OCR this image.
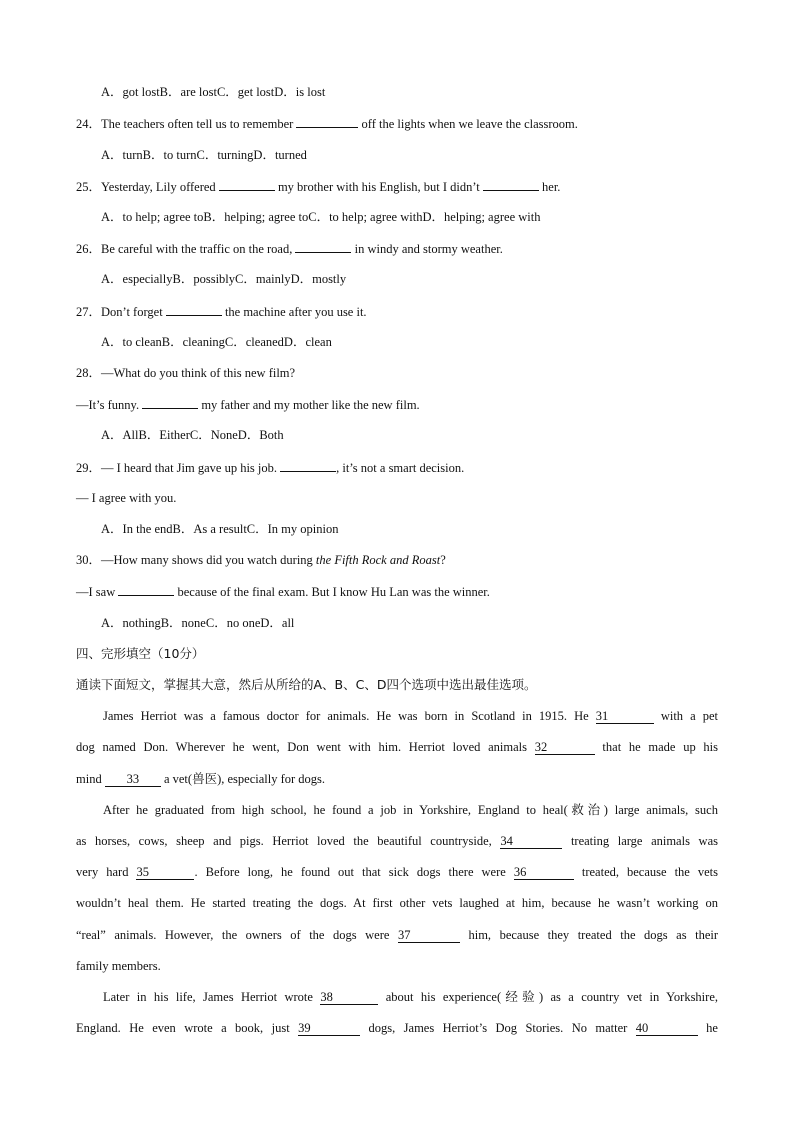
A．got lostB．are lostC．get lostD．is lost
24．The teachers often tell us to remember	off the lights when we leave the classroom.
A．turnB．to turnC．turningD．turned
25．Yesterday, Lily offered	my brother with his English, but I didn’t	her.
A．to help; agree toB．helping; agree toC．to help; agree withD．helping; agree with
26．Be careful with the traffic on the road,	in windy and stormy weather.
A．especiallyB．possiblyC．mainlyD．mostly
27．Don’t forget	the machine after you use it.
A．to cleanB．cleaningC．cleanedD．clean
28．—What do you think of this new film?
—It’s funny.	my father and my mother like the new film.
A．AllB．EitherC．NoneD．Both
29．— I heard that Jim gave up his job.	, it’s not a smart decision.
— I agree with you.
A．In the endB．As a resultC．In my opinion
30．—How many shows did you watch during the Fifth Rock and Roast?
—I saw	because of the final exam. But I know Hu Lan was the winner.
A．nothingB．noneC．no oneD．all
四、完形填空（10分）
通读下面短文，掌握其大意，然后从所给的A、B、C、D四个选项中选出最佳选项。
James Herriot was a famous doctor for animals. He was born in Scotland in 1915. He 31	with a pet
dog named Don. Wherever he went, Don went with him. Herriot loved animals 32	that he made up his
mind 33 a vet(兽医), especially for dogs.
After he graduated from high school, he found a job in Yorkshire, England to heal(救治) large animals, such
as horses, cows, sheep and pigs. Herriot loved the beautiful countryside, 34	treating large animals was
very hard 35	. Before long, he found out that sick dogs there were 36	treated, because the vets
wouldn’t heal them. He started treating the dogs. At first other vets laughed at him, because he wasn’t working on
“real” animals. However, the owners of the dogs were 37	him, because they treated the dogs as their
family members.
Later in his life, James Herriot wrote 38	about his experience(经验) as a country vet in Yorkshire,
England. He even wrote a book, just 39	dogs, James Herriot’s Dog Stories. No matter 40	he
